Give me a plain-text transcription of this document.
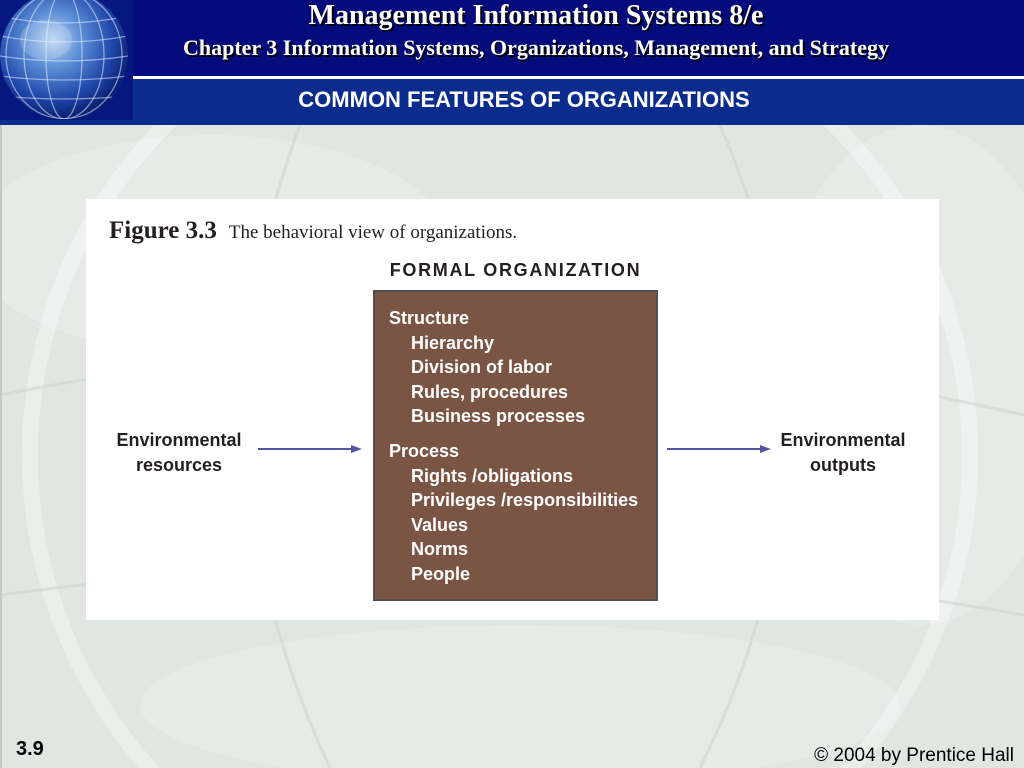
Management Information Systems 8/e
Chapter 3 Information Systems, Organizations, Management, and Strategy
COMMON FEATURES OF ORGANIZATIONS
Figure 3.3 The behavioral view of organizations.
FORMAL ORGANIZATION
Structure
Hierarchy
Division of labor
Rules, procedures
Business processes
Process
Rights /obligations
Privileges /responsibilities
Values
Norms
People
Environmental
resources
Environmental
outputs
3.9	© 2004 by Prentice Hall
